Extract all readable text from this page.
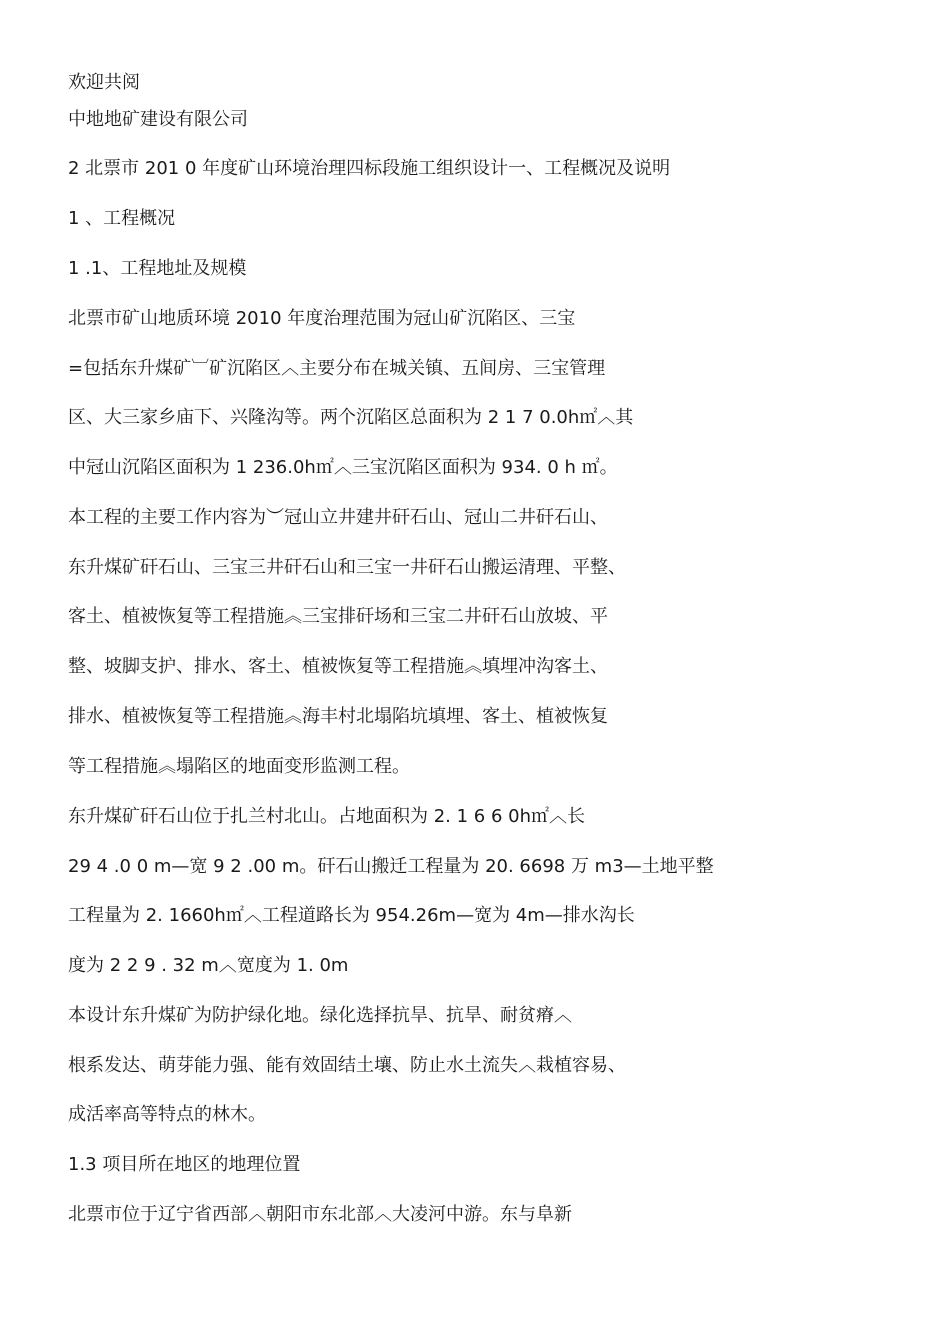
欢迎共阅
中地地矿建设有限公司
2 北票市 201 0 年度矿山环境治理四标段施工组织设计一、工程概况及说明
1 、工程概况
1 .1、工程地址及规模
北票市矿山地质环境 2010 年度治理范围为冠山矿沉陷区、三宝
=包括东升煤矿︺矿沉陷区︿主要分布在城关镇、五间房、三宝管理
区、大三家乡庙下、兴隆沟等。两个沉陷区总面积为 2 1 7 0.0h㎡︿其
中冠山沉陷区面积为 1 236.0h㎡︿三宝沉陷区面积为 934. 0 h ㎡。
本工程的主要工作内容为︶冠山立井建井矸石山、冠山二井矸石山、
东升煤矿矸石山、三宝三井矸石山和三宝一井矸石山搬运清理、平整、
客土、植被恢复等工程措施︽三宝排矸场和三宝二井矸石山放坡、平
整、坡脚支护、排水、客土、植被恢复等工程措施︽填埋冲沟客土、
排水、植被恢复等工程措施︽海丰村北塌陷坑填埋、客土、植被恢复
等工程措施︽塌陷区的地面变形监测工程。
东升煤矿矸石山位于扎兰村北山。占地面积为 2. 1 6 6 0h㎡︿长
29 4 .0 0 m—宽 9 2 .00 m。矸石山搬迁工程量为 20. 6698 万 m3—土地平整
工程量为 2. 1660h㎡︿工程道路长为 954.26m—宽为 4m—排水沟长
度为 2 2 9 . 32 m︿宽度为 1. 0m
本设计东升煤矿为防护绿化地。绿化选择抗旱、抗旱、耐贫瘠︿
根系发达、萌芽能力强、能有效固结土壤、防止水土流失︿栽植容易、
成活率高等特点的林木。
1.3 项目所在地区的地理位置
北票市位于辽宁省西部︿朝阳市东北部︿大凌河中游。东与阜新
